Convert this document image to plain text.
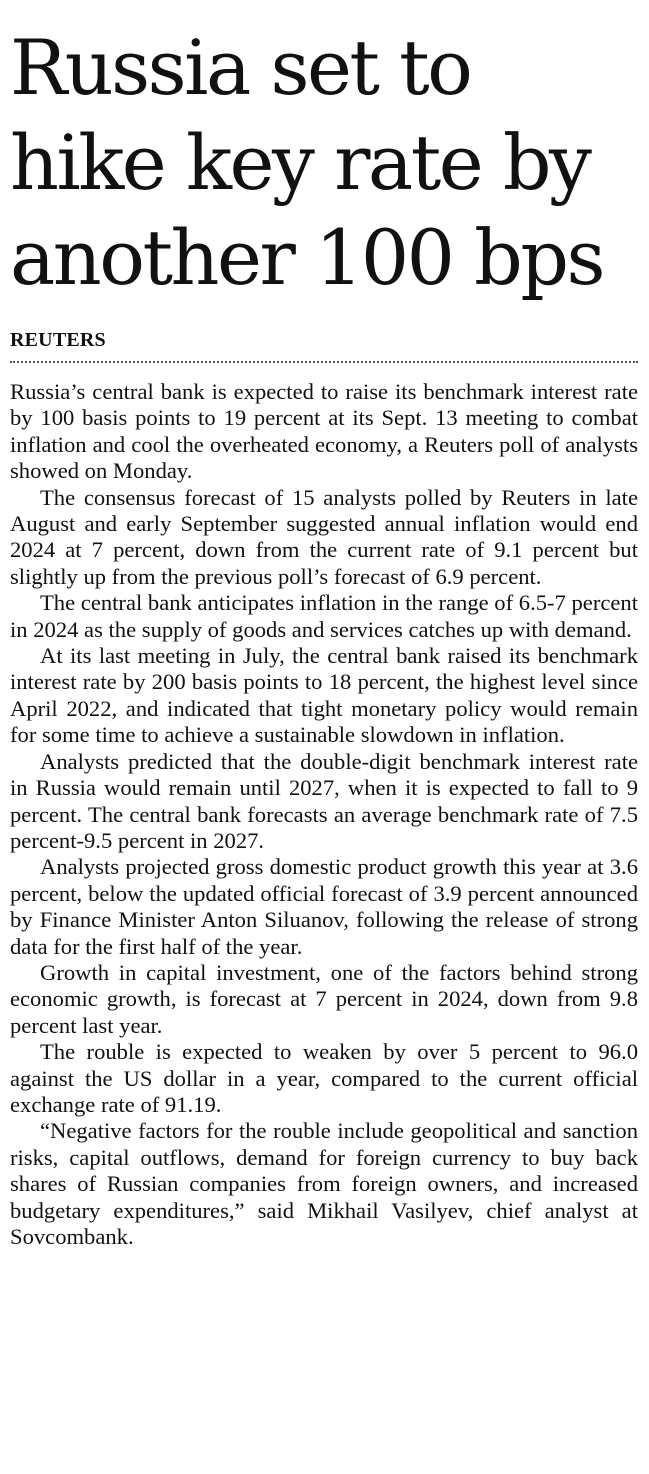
Russia set to
hike key rate by
another 100 bps
REUTERS

Russia’s central bank is expected to raise its benchmark interest rate by 100 basis points to 19 percent at its Sept. 13 meeting to combat inflation and cool the overheated economy, a Reuters poll of analysts showed on Monday.

The consensus forecast of 15 analysts polled by Reuters in late August and early September suggested annual inflation would end 2024 at 7 percent, down from the current rate of 9.1 percent but slightly up from the previous poll’s forecast of 6.9 percent.

The central bank anticipates inflation in the range of 6.5-7 percent in 2024 as the supply of goods and services catches up with demand.

At its last meeting in July, the central bank raised its benchmark interest rate by 200 basis points to 18 percent, the highest level since April 2022, and indicated that tight monetary policy would remain for some time to achieve a sustainable slowdown in inflation.

Analysts predicted that the double-digit benchmark interest rate in Russia would remain until 2027, when it is expected to fall to 9 percent. The central bank forecasts an average benchmark rate of 7.5 percent-9.5 percent in 2027.

Analysts projected gross domestic product growth this year at 3.6 percent, below the updated official forecast of 3.9 percent announced by Finance Minister Anton Siluanov, following the release of strong data for the first half of the year.

Growth in capital investment, one of the factors behind strong economic growth, is forecast at 7 percent in 2024, down from 9.8 percent last year.

The rouble is expected to weaken by over 5 percent to 96.0 against the US dollar in a year, compared to the current official exchange rate of 91.19.

“Negative factors for the rouble include geopolitical and sanction risks, capital outflows, demand for foreign currency to buy back shares of Russian companies from foreign owners, and increased budgetary expenditures,” said Mikhail Vasilyev, chief analyst at Sovcombank.
